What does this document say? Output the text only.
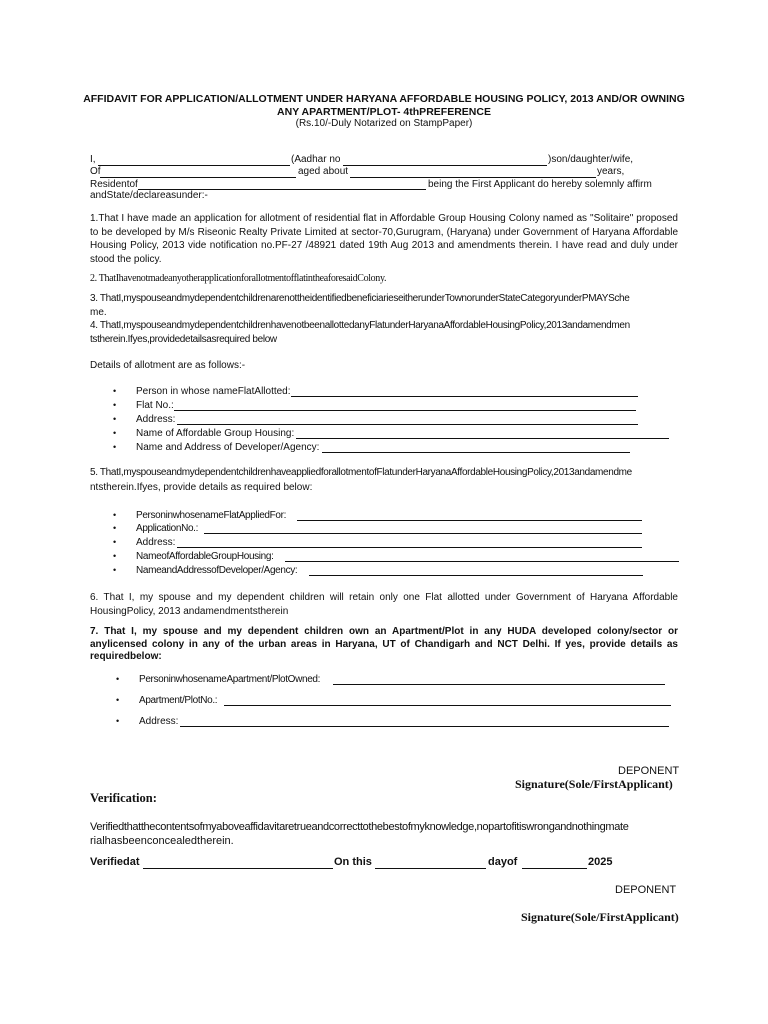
AFFIDAVIT FOR APPLICATION/ALLOTMENT UNDER HARYANA AFFORDABLE HOUSING POLICY, 2013 AND/OR OWNING
ANY APARTMENT/PLOT- 4thPREFERENCE
(Rs.10/-Duly Notarized on StampPaper)
I,	(Aadhar no	)son/daughter/wife,
Of	aged about	years,
Residentof	being the First Applicant do hereby solemnly affirm
andState/declareasunder:-
1.That I have made an application for allotment of residential flat in Affordable Group Housing Colony named as "Solitaire" proposed to be developed by M/s Riseonic Realty Private Limited at sector-70,Gurugram, (Haryana) under Government of Haryana Affordable Housing Policy, 2013 vide notification no.PF-27 /48921 dated 19th Aug 2013 and amendments therein. I have read and duly under stood the policy.
2. ThatIhavenotmadeanyotherapplicationforallotmentofflatintheaforesaidColony.
3. ThatI,myspouseandmydependentchildrenarenottheidentifiedbeneficiarieseitherunderTownorunderStateCategoryunderPMAYSche
me.
4. ThatI,myspouseandmydependentchildrenhavenotbeenallottedanyFlatunderHaryanaAffordableHousingPolicy,2013andamendmen
tstherein.Ifyes,providedetailsasrequired below
Details of allotment are as follows:-
• Person in whose nameFlatAllotted:
• Flat No.:
• Address:
• Name of Affordable Group Housing:
• Name and Address of Developer/Agency:
5. ThatI,myspouseandmydependentchildrenhaveappliedforallotmentofFlatunderHaryanaAffordableHousingPolicy,2013andamendme
ntstherein.Ifyes, provide details as required below:
• PersoninwhosenameFlatAppliedFor:
• ApplicationNo.:
• Address:
• NameofAffordableGroupHousing:
• NameandAddressofDeveloper/Agency:
6. That I, my spouse and my dependent children will retain only one Flat allotted under Government of Haryana Affordable HousingPolicy, 2013 andamendmentstherein
7. That I, my spouse and my dependent children own an Apartment/Plot in any HUDA developed colony/sector or anylicensed colony in any of the urban areas in Haryana, UT of Chandigarh and NCT Delhi. If yes, provide details as requiredbelow:
• PersoninwhosenameApartment/PlotOwned:
• Apartment/PlotNo.:
• Address:
DEPONENT
Signature(Sole/FirstApplicant)
Verification:
Verifiedthatthecontentsofmyaboveaffidavitaretrueandcorrecttothebestofmyknowledge,nopartofitiswrongandnothingmate
rialhasbeenconcealedtherein.
Verifiedat	On this	dayof	2025
DEPONENT
Signature(Sole/FirstApplicant)
